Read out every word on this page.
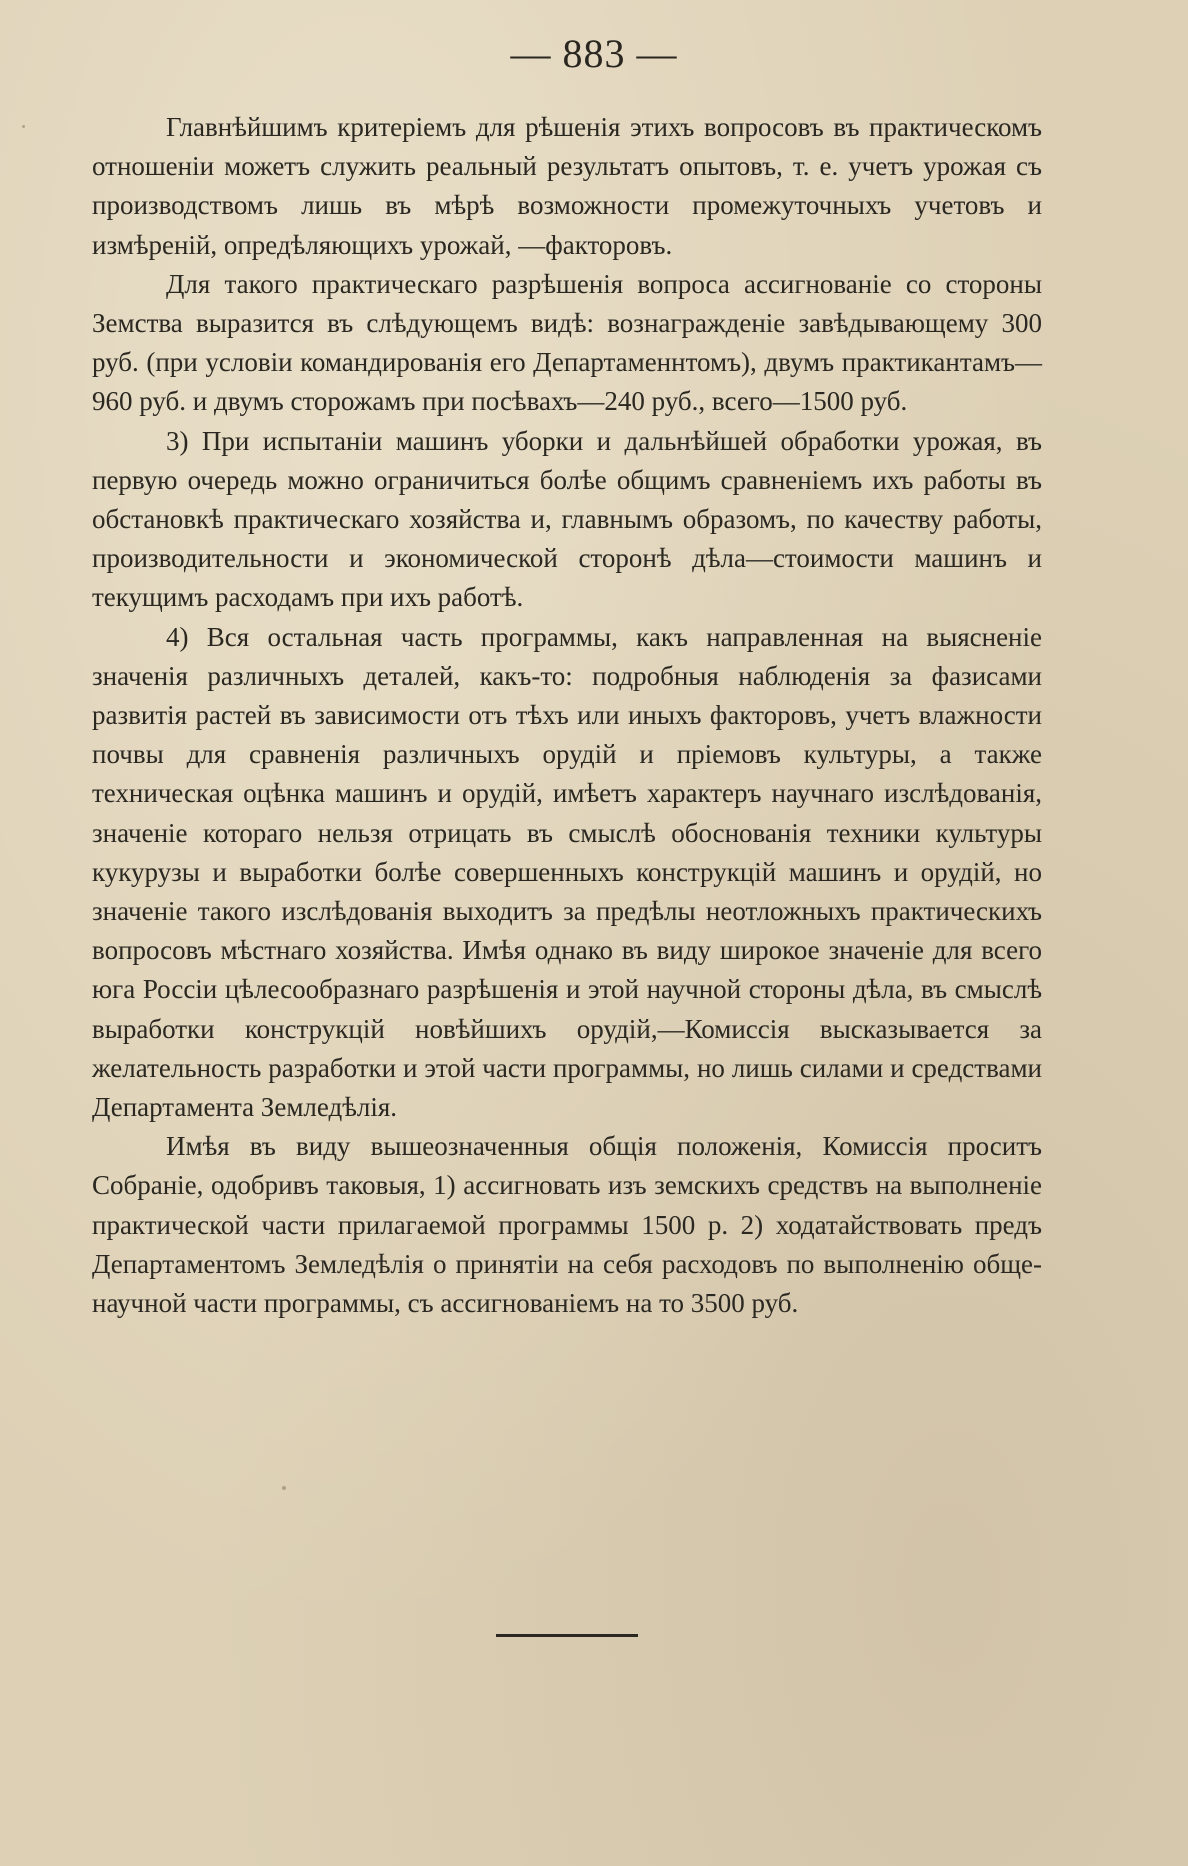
— 883 —

Главнѣйшимъ критеріемъ для рѣшенія этихъ вопросовъ въ практическомъ отношеніи можетъ служить реальный результатъ опытовъ, т. е. учетъ урожая съ производствомъ лишь въ мѣрѣ возможности промежуточныхъ учетовъ и измѣреній, опредѣляющихъ урожай, —факторовъ.

Для такого практическаго разрѣшенія вопроса ассигнованіе со стороны Земства выразится въ слѣдующемъ видѣ: вознагражденіе завѣдывающему 300 руб. (при условіи командированія его Департаменнтомъ), двумъ практикантамъ—960 руб. и двумъ сторожамъ при посѣвахъ—240 руб., всего—1500 руб.

3) При испытаніи машинъ уборки и дальнѣйшей обработки урожая, въ первую очередь можно ограничиться болѣе общимъ сравненіемъ ихъ работы въ обстановкѣ практическаго хозяйства и, главнымъ образомъ, по качеству работы, производительности и экономической сторонѣ дѣла—стоимости машинъ и текущимъ расходамъ при ихъ работѣ.

4) Вся остальная часть программы, какъ направленная на выясненіе значенія различныхъ деталей, какъ-то: подробныя наблюденія за фазисами развитія растей въ зависимости отъ тѣхъ или иныхъ факторовъ, учетъ влажности почвы для сравненія различныхъ орудій и пріемовъ культуры, а также техническая оцѣнка машинъ и орудій, имѣетъ характеръ научнаго изслѣдованія, значеніе котораго нельзя отрицать въ смыслѣ обоснованія техники культуры кукурузы и выработки болѣе совершенныхъ конструкцій машинъ и орудій, но значеніе такого изслѣдованія выходитъ за предѣлы неотложныхъ практическихъ вопросовъ мѣстнаго хозяйства. Имѣя однако въ виду широкое значеніе для всего юга Россіи цѣлесообразнаго разрѣшенія и этой научной стороны дѣла, въ смыслѣ выработки конструкцій новѣйшихъ орудій,—Комиссія высказывается за желательность разработки и этой части программы, но лишь силами и средствами Департамента Земледѣлія.

Имѣя въ виду вышеозначенныя общія положенія, Комиссія проситъ Собраніе, одобривъ таковыя, 1) ассигновать изъ земскихъ средствъ на выполненіе практической части прилагаемой программы 1500 р. 2) ходатайствовать предъ Департаментомъ Земледѣлія о принятіи на себя расходовъ по выполненію общенаучной части программы, съ ассигнованіемъ на то 3500 руб.
